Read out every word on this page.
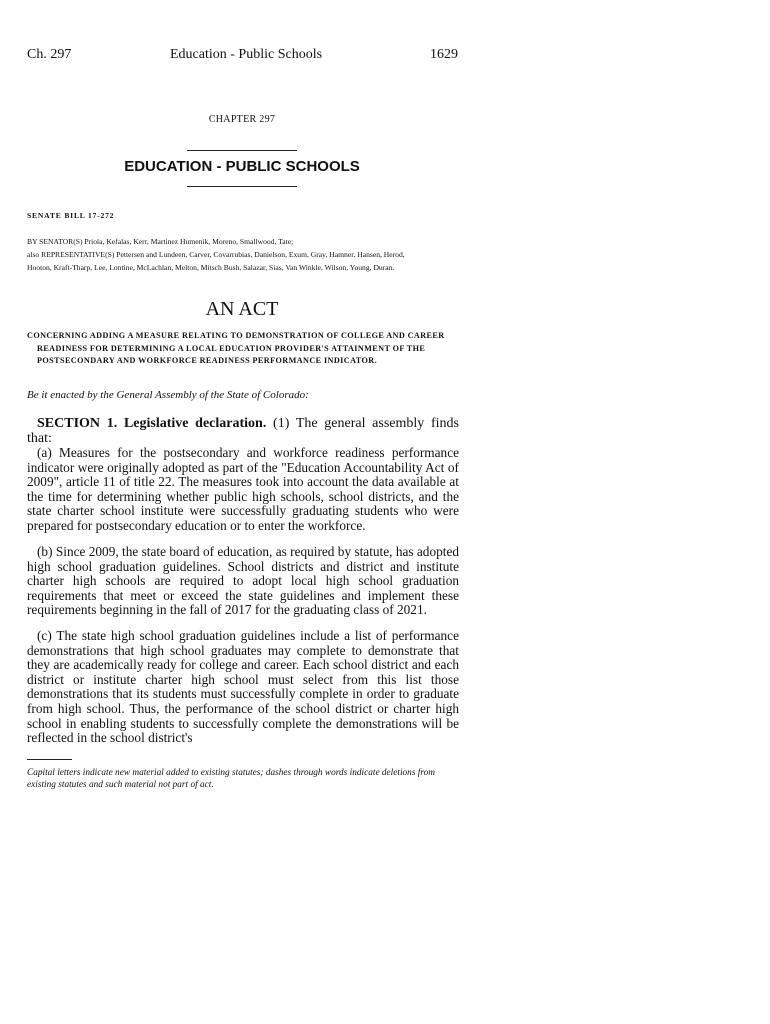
Ch. 297	Education - Public Schools	1629
CHAPTER 297
EDUCATION - PUBLIC SCHOOLS
SENATE BILL 17-272
BY SENATOR(S) Priola, Kefalas, Kerr, Martinez Humenik, Moreno, Smallwood, Tate;
also REPRESENTATIVE(S) Pettersen and Lundeen, Carver, Covarrubias, Danielson, Exum, Gray, Hamner, Hansen, Herod,
Hooton, Kraft-Tharp, Lee, Lontine, McLachlan, Melton, Mitsch Bush, Salazar, Sias, Van Winkle, Wilson, Young, Duran.
AN ACT
CONCERNING ADDING A MEASURE RELATING TO DEMONSTRATION OF COLLEGE AND CAREER
READINESS FOR DETERMINING A LOCAL EDUCATION PROVIDER'S ATTAINMENT OF THE
POSTSECONDARY AND WORKFORCE READINESS PERFORMANCE INDICATOR.
Be it enacted by the General Assembly of the State of Colorado:
SECTION 1. Legislative declaration. (1) The general assembly finds that:
(a) Measures for the postsecondary and workforce readiness performance indicator were originally adopted as part of the "Education Accountability Act of 2009", article 11 of title 22. The measures took into account the data available at the time for determining whether public high schools, school districts, and the state charter school institute were successfully graduating students who were prepared for postsecondary education or to enter the workforce.
(b) Since 2009, the state board of education, as required by statute, has adopted high school graduation guidelines. School districts and district and institute charter high schools are required to adopt local high school graduation requirements that meet or exceed the state guidelines and implement these requirements beginning in the fall of 2017 for the graduating class of 2021.
(c) The state high school graduation guidelines include a list of performance demonstrations that high school graduates may complete to demonstrate that they are academically ready for college and career. Each school district and each district or institute charter high school must select from this list those demonstrations that its students must successfully complete in order to graduate from high school. Thus, the performance of the school district or charter high school in enabling students to successfully complete the demonstrations will be reflected in the school district's
Capital letters indicate new material added to existing statutes; dashes through words indicate deletions from existing statutes and such material not part of act.
